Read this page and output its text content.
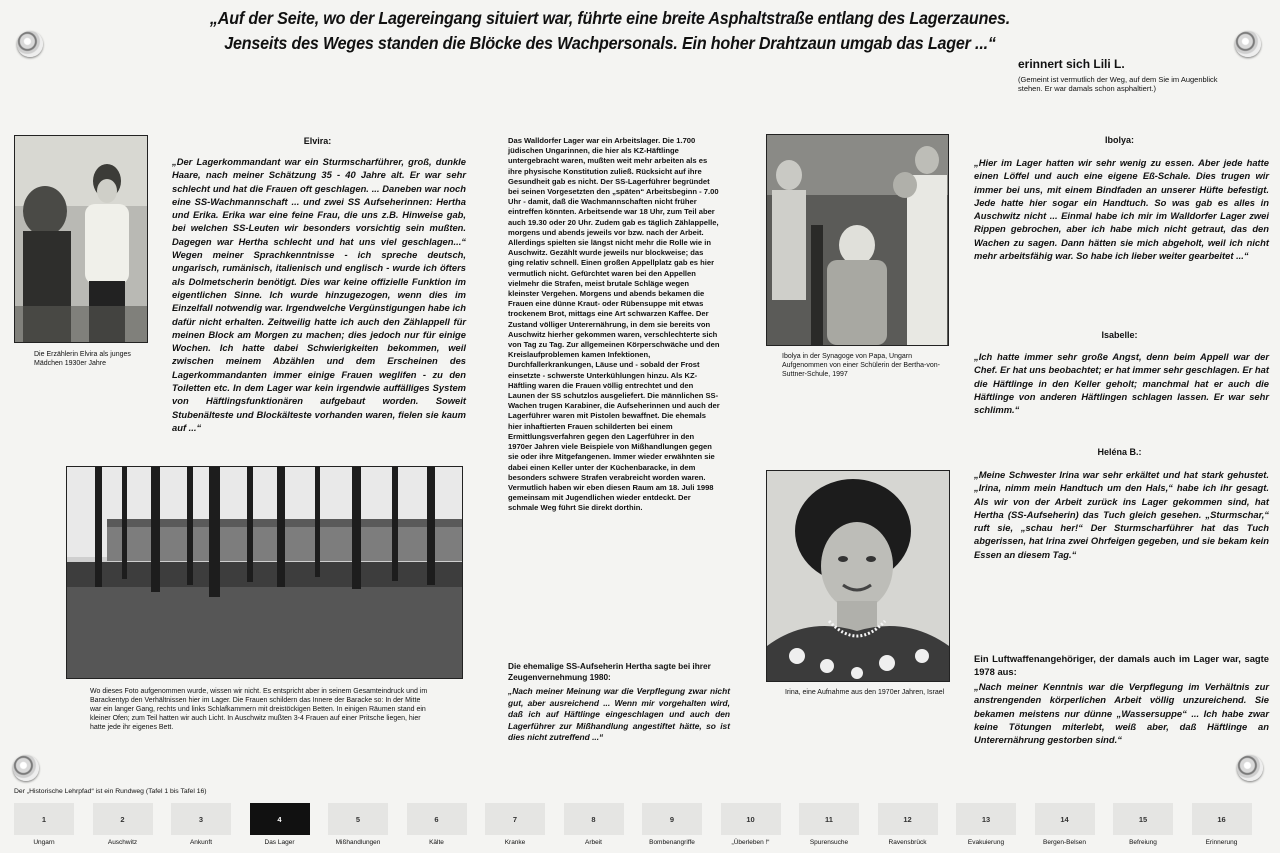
„Auf der Seite, wo der Lagereingang situiert war, führte eine breite Asphaltstraße entlang des Lagerzaunes.
Jenseits des Weges standen die Blöcke des Wachpersonals. Ein hoher Drahtzaun umgab das Lager ...“
erinnert sich Lili L.
(Gemeint ist vermutlich der Weg, auf dem Sie im Augenblick stehen. Er war damals schon asphaltiert.)
Die Erzählerin Elvira als junges Mädchen 1930er Jahre
Elvira:

„Der Lagerkommandant war ein Sturmscharführer, groß, dunkle Haare, nach meiner Schätzung 35 - 40 Jahre alt. Er war sehr schlecht und hat die Frauen oft geschlagen. ... Daneben war noch eine SS-Wachmannschaft ... und zwei SS Aufseherinnen: Hertha und Erika. Erika war eine feine Frau, die uns z.B. Hinweise gab, bei welchen SS-Leuten wir besonders vorsichtig sein mußten. Dagegen war Hertha schlecht und hat uns viel geschlagen...“ Wegen meiner Sprachkenntnisse - ich spreche deutsch, ungarisch, rumänisch, italienisch und englisch - wurde ich öfters als Dolmetscherin benötigt. Dies war keine offizielle Funktion im eigentlichen Sinne. Ich wurde hinzugezogen, wenn dies im Einzelfall notwendig war. Irgendwelche Vergünstigungen habe ich dafür nicht erhalten. Zeitweilig hatte ich auch den Zählappell für meinen Block am Morgen zu machen; dies jedoch nur für einige Wochen. Ich hatte dabei Schwierigkeiten bekommen, weil zwischen meinem Abzählen und dem Erscheinen des Lagerkommandanten immer einige Frauen weglifen - zu den Toiletten etc. In dem Lager war kein irgendwie auffälliges System von Häftlingsfunktionären aufgebaut worden. Soweit Stubenälteste und Blockälteste vorhanden waren, fielen sie kaum auf ...“

Wo dieses Foto aufgenommen wurde, wissen wir nicht. Es entspricht aber in seinem Gesamteindruck und im Barackentyp den Verhältnissen hier im Lager. Die Frauen schildern das Innere der Baracke so: In der Mitte war ein langer Gang, rechts und links Schlafkammern mit dreistöckigen Betten. In einigen Räumen stand ein kleiner Ofen; zum Teil hatten wir auch Licht. In Auschwitz mußten 3-4 Frauen auf einer Pritsche liegen, hier hatte jede ihr eigenes Bett.

Das Walldorfer Lager war ein Arbeitslager. Die 1.700 jüdischen Ungarinnen, die hier als KZ-Häftlinge untergebracht waren, mußten weit mehr arbeiten als es ihre physische Konstitution zuließ. Rücksicht auf ihre Gesundheit gab es nicht. Der SS-Lagerführer begründet bei seinen Vorgesetzten den „späten“ Arbeitsbeginn - 7.00 Uhr - damit, daß die Wachmannschaften nicht früher eintreffen könnten. Arbeitsende war 18 Uhr, zum Teil aber auch 19.30 oder 20 Uhr. Zudem gab es täglich Zählappelle, morgens und abends jeweils vor bzw. nach der Arbeit. Allerdings spielten sie längst nicht mehr die Rolle wie in Auschwitz. Gezählt wurde jeweils nur blockweise; das ging relativ schnell. Einen großen Appellplatz gab es hier vermutlich nicht. Gefürchtet waren bei den Appellen vielmehr die Strafen, meist brutale Schläge wegen kleinster Vergehen. Morgens und abends bekamen die Frauen eine dünne Kraut- oder Rübensuppe mit etwas trockenem Brot, mittags eine Art schwarzen Kaffee. Der Zustand völliger Unterernährung, in dem sie bereits von Auschwitz hierher gekommen waren, verschlechterte sich von Tag zu Tag. Zur allgemeinen Körperschwäche und den Kreislaufproblemen kamen Infektionen, Durchfallerkrankungen, Läuse und - sobald der Frost einsetzte - schwerste Unterkühlungen hinzu. Als KZ-Häftling waren die Frauen völlig entrechtet und den Launen der SS schutzlos ausgeliefert. Die männlichen SS-Wachen trugen Karabiner, die Aufseherinnen und auch der Lagerführer waren mit Pistolen bewaffnet. Die ehemals hier inhaftierten Frauen schilderten bei einem Ermittlungsverfahren gegen den Lagerführer in den 1970er Jahren viele Beispiele von Mißhandlungen gegen sie oder ihre Mitgefangenen. Immer wieder erwähnten sie dabei einen Keller unter der Küchenbaracke, in dem besonders schwere Strafen verabreicht worden waren. Vermutlich haben wir eben diesen Raum am 18. Juli 1998 gemeinsam mit Jugendlichen wieder entdeckt. Der schmale Weg führt Sie direkt dorthin.

Die ehemalige SS-Aufseherin Hertha sagte bei ihrer Zeugenvernehmung 1980:
„Nach meiner Meinung war die Verpflegung zwar nicht gut, aber ausreichend ... Wenn mir vorgehalten wird, daß ich auf Häftlinge eingeschlagen und auch den Lagerführer zur Mißhandlung angestiftet hätte, so ist dies nicht zutreffend ...“
Ibolya in der Synagoge von Papa, Ungarn Aufgenommen von einer Schülerin der Bertha-von-Suttner-Schule, 1997
Ibolya:
„Hier im Lager hatten wir sehr wenig zu essen. Aber jede hatte einen Löffel und auch eine eigene Eß-Schale. Dies trugen wir immer bei uns, mit einem Bindfaden an unserer Hüfte befestigt. Jede hatte hier sogar ein Handtuch. So was gab es alles in Auschwitz nicht ... Einmal habe ich mir im Walldorfer Lager zwei Rippen gebrochen, aber ich habe mich nicht getraut, das den Wachen zu sagen. Dann hätten sie mich abgeholt, weil ich nicht mehr arbeitsfähig war. So habe ich lieber weiter gearbeitet ...“
Isabelle:
„Ich hatte immer sehr große Angst, denn beim Appell war der Chef. Er hat uns beobachtet; er hat immer sehr geschlagen. Er hat die Häftlinge in den Keller geholt; manchmal hat er auch die Häftlinge von anderen Häftlingen schlagen lassen. Er war sehr schlimm.“
Heléna B.:
„Meine Schwester Irina war sehr erkältet und hat stark gehustet. „Irina, nimm mein Handtuch um den Hals,“ habe ich ihr gesagt. Als wir von der Arbeit zurück ins Lager gekommen sind, hat Hertha (SS-Aufseherin) das Tuch gleich gesehen. „Sturmschar,“ ruft sie, „schau her!“ Der Sturmscharführer hat das Tuch abgerissen, hat Irina zwei Ohrfeigen gegeben, und sie bekam kein Essen an diesem Tag.“
Irina, eine Aufnahme aus den 1970er Jahren, Israel
Ein Luftwaffenangehöriger, der damals auch im Lager war, sagte 1978 aus:
„Nach meiner Kenntnis war die Verpflegung im Verhältnis zur anstrengenden körperlichen Arbeit völlig unzureichend. Sie bekamen meistens nur dünne „Wassersuppe“ ... Ich habe zwar keine Tötungen miterlebt, weiß aber, daß Häftlinge an Unterernährung gestorben sind.“
Der „Historische Lehrpfad“ ist ein Rundweg (Tafel 1 bis Tafel 16)
1
Ungarn
2
Auschwitz
3
Ankunft
4
Das Lager
5
Mißhandlungen
6
Kälte
7
Kranke
8
Arbeit
9
Bombenangriffe
10
„Überleben !“
11
Spurensuche
12
Ravensbrück
13
Evakuierung
14
Bergen-Belsen
15
Befreiung
16
Erinnerung
